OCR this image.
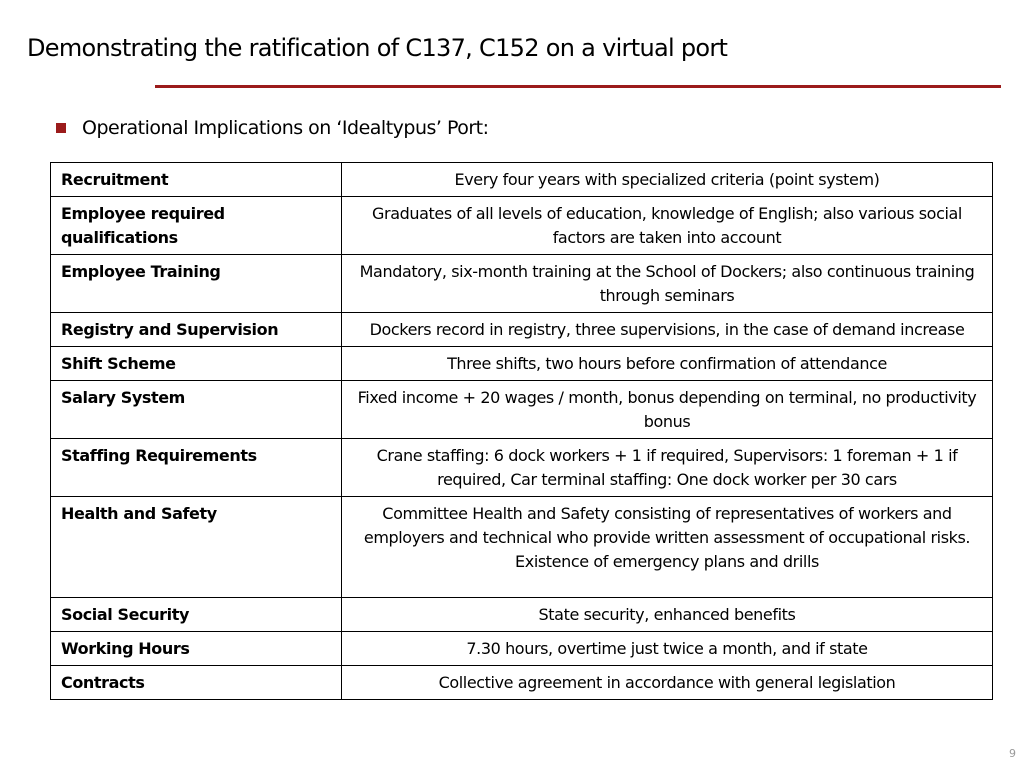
Demonstrating the ratification of C137, C152 on a virtual port
Operational Implications on ‘Idealtypus’ Port:
Recruitment	Every four years with specialized criteria (point system)
Employee required qualifications	Graduates of all levels of education, knowledge of English; also various social factors are taken into account
Employee Training	Mandatory, six-month training at the School of Dockers; also continuous training through seminars
Registry and Supervision	Dockers record in registry, three supervisions, in the case of demand increase
Shift Scheme	Three shifts, two hours before confirmation of attendance
Salary System	Fixed income + 20 wages / month, bonus depending on terminal, no productivity bonus
Staffing Requirements	Crane staffing: 6 dock workers + 1 if required, Supervisors: 1 foreman + 1 if required, Car terminal staffing: One dock worker per 30 cars
Health and Safety	Committee Health and Safety consisting of representatives of workers and employers and technical who provide written assessment of occupational risks. Existence of emergency plans and drills
Social Security	State security, enhanced benefits
Working Hours	7.30 hours, overtime just twice a month, and if state
Contracts	Collective agreement in accordance with general legislation
9
